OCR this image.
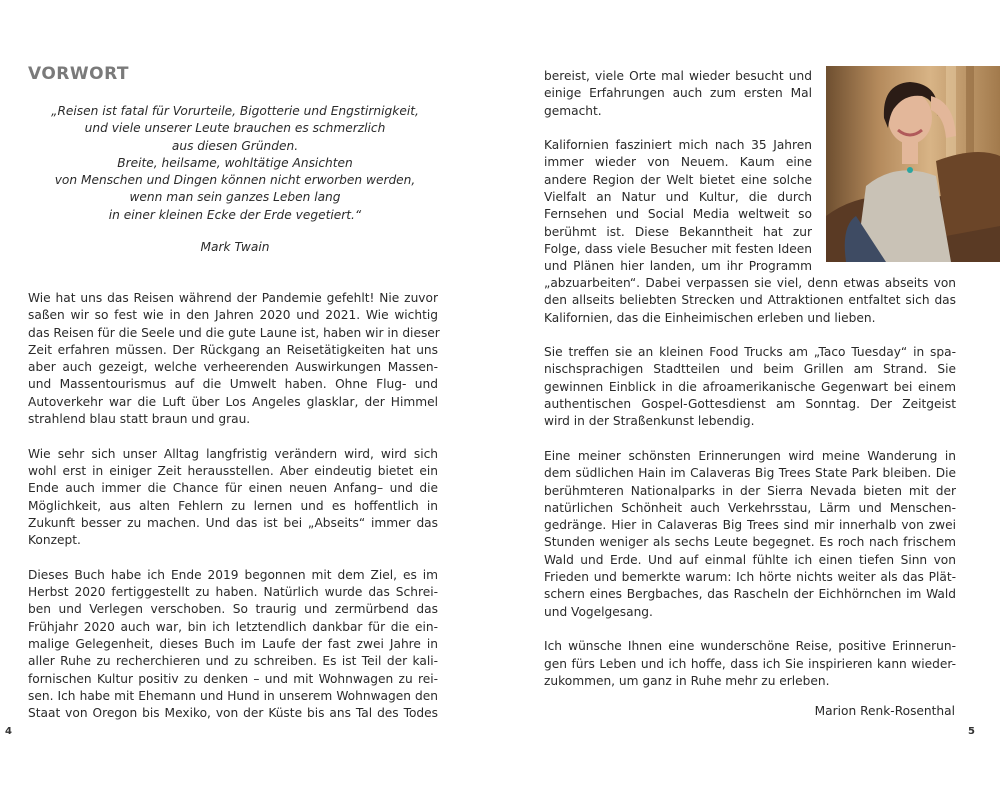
VORWORT
„Reisen ist fatal für Vorurteile, Bigotterie und Engstirnigkeit,
und viele unserer Leute brauchen es schmerzlich
aus diesen Gründen.
Breite, heilsame, wohltätige Ansichten
von Menschen und Dingen können nicht erworben werden,
wenn man sein ganzes Leben lang
in einer kleinen Ecke der Erde vegetiert.“
Mark Twain

Wie hat uns das Reisen während der Pandemie gefehlt! Nie zuvor
saßen wir so fest wie in den Jahren 2020 und 2021. Wie wichtig
das Reisen für die Seele und die gute Laune ist, haben wir in dieser
Zeit erfahren müssen. Der Rückgang an Reisetätigkeiten hat uns
aber auch gezeigt, welche verheerenden Auswirkungen Massen-
und Massentourismus auf die Umwelt haben. Ohne Flug- und
Autoverkehr war die Luft über Los Angeles glasklar, der Himmel
strahlend blau statt braun und grau.

Wie sehr sich unser Alltag langfristig verändern wird, wird sich
wohl erst in einiger Zeit herausstellen. Aber eindeutig bietet ein
Ende auch immer die Chance für einen neuen Anfang– und die
Möglichkeit, aus alten Fehlern zu lernen und es hoffentlich in
Zukunft besser zu machen. Und das ist bei „Abseits“ immer das
Konzept.

Dieses Buch habe ich Ende 2019 begonnen mit dem Ziel, es im
Herbst 2020 fertiggestellt zu haben. Natürlich wurde das Schrei-
ben und Verlegen verschoben. So traurig und zermürbend das
Frühjahr 2020 auch war, bin ich letztendlich dankbar für die ein-
malige Gelegenheit, dieses Buch im Laufe der fast zwei Jahre in
aller Ruhe zu recherchieren und zu schreiben. Es ist Teil der kali-
fornischen Kultur positiv zu denken – und mit Wohnwagen zu rei-
sen. Ich habe mit Ehemann und Hund in unserem Wohnwagen den
Staat von Oregon bis Mexiko, von der Küste bis ans Tal des Todes

4

bereist, viele Orte mal wieder besucht und
einige Erfahrungen auch zum ersten Mal
gemacht.

Kalifornien fasziniert mich nach 35 Jahren
immer wieder von Neuem. Kaum eine
andere Region der Welt bietet eine solche
Vielfalt an Natur und Kultur, die durch
Fernsehen und Social Media weltweit so
berühmt ist. Diese Bekanntheit hat zur
Folge, dass viele Besucher mit festen Ideen
und Plänen hier landen, um ihr Programm

„abzuarbeiten“. Dabei verpassen sie viel, denn etwas abseits von
den allseits beliebten Strecken und Attraktionen entfaltet sich das
Kalifornien, das die Einheimischen erleben und lieben.

Sie treffen sie an kleinen Food Trucks am „Taco Tuesday“ in spa-
nischsprachigen Stadtteilen und beim Grillen am Strand. Sie
gewinnen Einblick in die afroamerikanische Gegenwart bei einem
authentischen Gospel-Gottesdienst am Sonntag. Der Zeitgeist
wird in der Straßenkunst lebendig.

Eine meiner schönsten Erinnerungen wird meine Wanderung in
dem südlichen Hain im Calaveras Big Trees State Park bleiben. Die
berühmteren Nationalparks in der Sierra Nevada bieten mit der
natürlichen Schönheit auch Verkehrsstau, Lärm und Menschen-
gedränge. Hier in Calaveras Big Trees sind mir innerhalb von zwei
Stunden weniger als sechs Leute begegnet. Es roch nach frischem
Wald und Erde. Und auf einmal fühlte ich einen tiefen Sinn von
Frieden und bemerkte warum: Ich hörte nichts weiter als das Plät-
schern eines Bergbaches, das Rascheln der Eichhörnchen im Wald
und Vogelgesang.

Ich wünsche Ihnen eine wunderschöne Reise, positive Erinnerun-
gen fürs Leben und ich hoffe, dass ich Sie inspirieren kann wieder-
zukommen, um ganz in Ruhe mehr zu erleben.

Marion Renk-Rosenthal
5
